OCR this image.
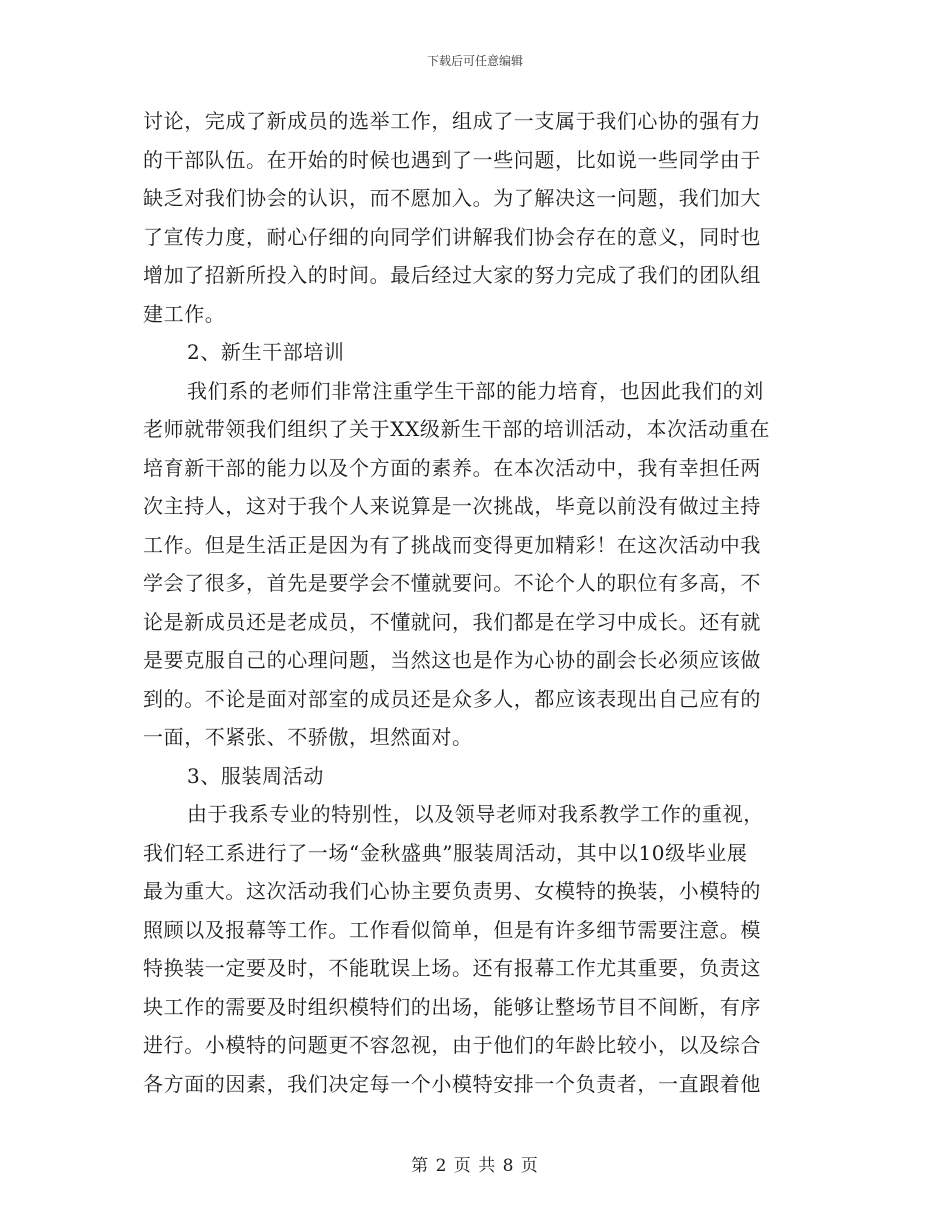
下载后可任意编辑
讨论，完成了新成员的选举工作，组成了一支属于我们心协的强有力
的干部队伍。在开始的时候也遇到了一些问题，比如说一些同学由于
缺乏对我们协会的认识，而不愿加入。为了解决这一问题，我们加大
了宣传力度，耐心仔细的向同学们讲解我们协会存在的意义，同时也
增加了招新所投入的时间。最后经过大家的努力完成了我们的团队组
建工作。
2、新生干部培训
我们系的老师们非常注重学生干部的能力培育，也因此我们的刘
老师就带领我们组织了关于XX级新生干部的培训活动，本次活动重在
培育新干部的能力以及个方面的素养。在本次活动中，我有幸担任两
次主持人，这对于我个人来说算是一次挑战，毕竟以前没有做过主持
工作。但是生活正是因为有了挑战而变得更加精彩！在这次活动中我
学会了很多，首先是要学会不懂就要问。不论个人的职位有多高，不
论是新成员还是老成员，不懂就问，我们都是在学习中成长。还有就
是要克服自己的心理问题，当然这也是作为心协的副会长必须应该做
到的。不论是面对部室的成员还是众多人，都应该表现出自己应有的
一面，不紧张、不骄傲，坦然面对。
3、服装周活动
由于我系专业的特别性，以及领导老师对我系教学工作的重视，
我们轻工系进行了一场“金秋盛典”服装周活动，其中以10级毕业展
最为重大。这次活动我们心协主要负责男、女模特的换装，小模特的
照顾以及报幕等工作。工作看似简单，但是有许多细节需要注意。模
特换装一定要及时，不能耽误上场。还有报幕工作尤其重要，负责这
块工作的需要及时组织模特们的出场，能够让整场节目不间断，有序
进行。小模特的问题更不容忽视，由于他们的年龄比较小，以及综合
各方面的因素，我们决定每一个小模特安排一个负责者，一直跟着他
第 2 页 共 8 页
